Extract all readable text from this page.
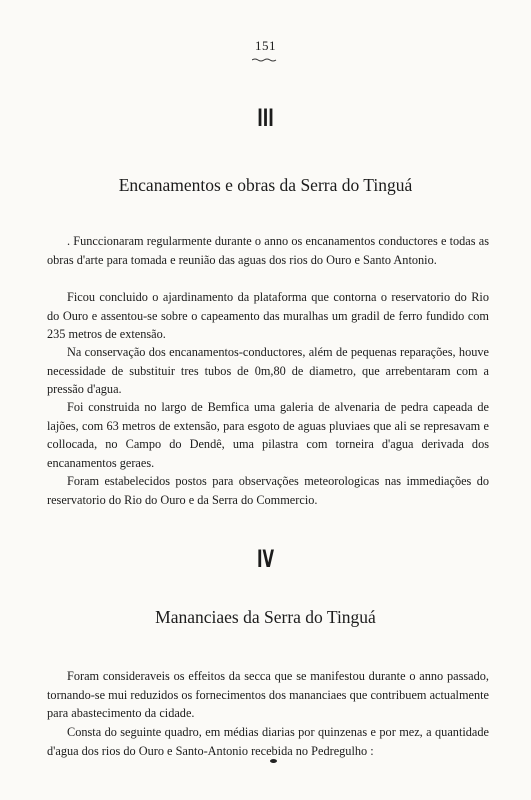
151
III
Encanamentos e obras da Serra do Tinguá

. Funccionaram regularmente durante o anno os encanamentos conductores e todas as obras d'arte para tomada e reunião das aguas dos rios do Ouro e Santo Antonio.

Ficou concluido o ajardinamento da plataforma que contorna o reservatorio do Rio do Ouro e assentou-se sobre o capeamento das muralhas um gradil de ferro fundido com 235 metros de extensão.

Na conservação dos encanamentos-conductores, além de pequenas reparações, houve necessidade de substituir tres tubos de 0m,80 de diametro, que arrebentaram com a pressão d'agua.

Foi construida no largo de Bemfica uma galeria de alvenaria de pedra capeada de lajões, com 63 metros de extensão, para esgoto de aguas pluviaes que ali se represavam e collocada, no Campo do Dendê, uma pilastra com torneira d'agua derivada dos encanamentos geraes.

Foram estabelecidos postos para observações meteorologicas nas immediações do reservatorio do Rio do Ouro e da Serra do Commercio.

IV
Mananciaes da Serra do Tinguá

Foram consideraveis os effeitos da secca que se manifestou durante o anno passado, tornando-se mui reduzidos os fornecimentos dos mananciaes que contribuem actualmente para abastecimento da cidade.

Consta do seguinte quadro, em médias diarias por quinzenas e por mez, a quantidade d'agua dos rios do Ouro e Santo-Antonio recebida no Pedregulho :
